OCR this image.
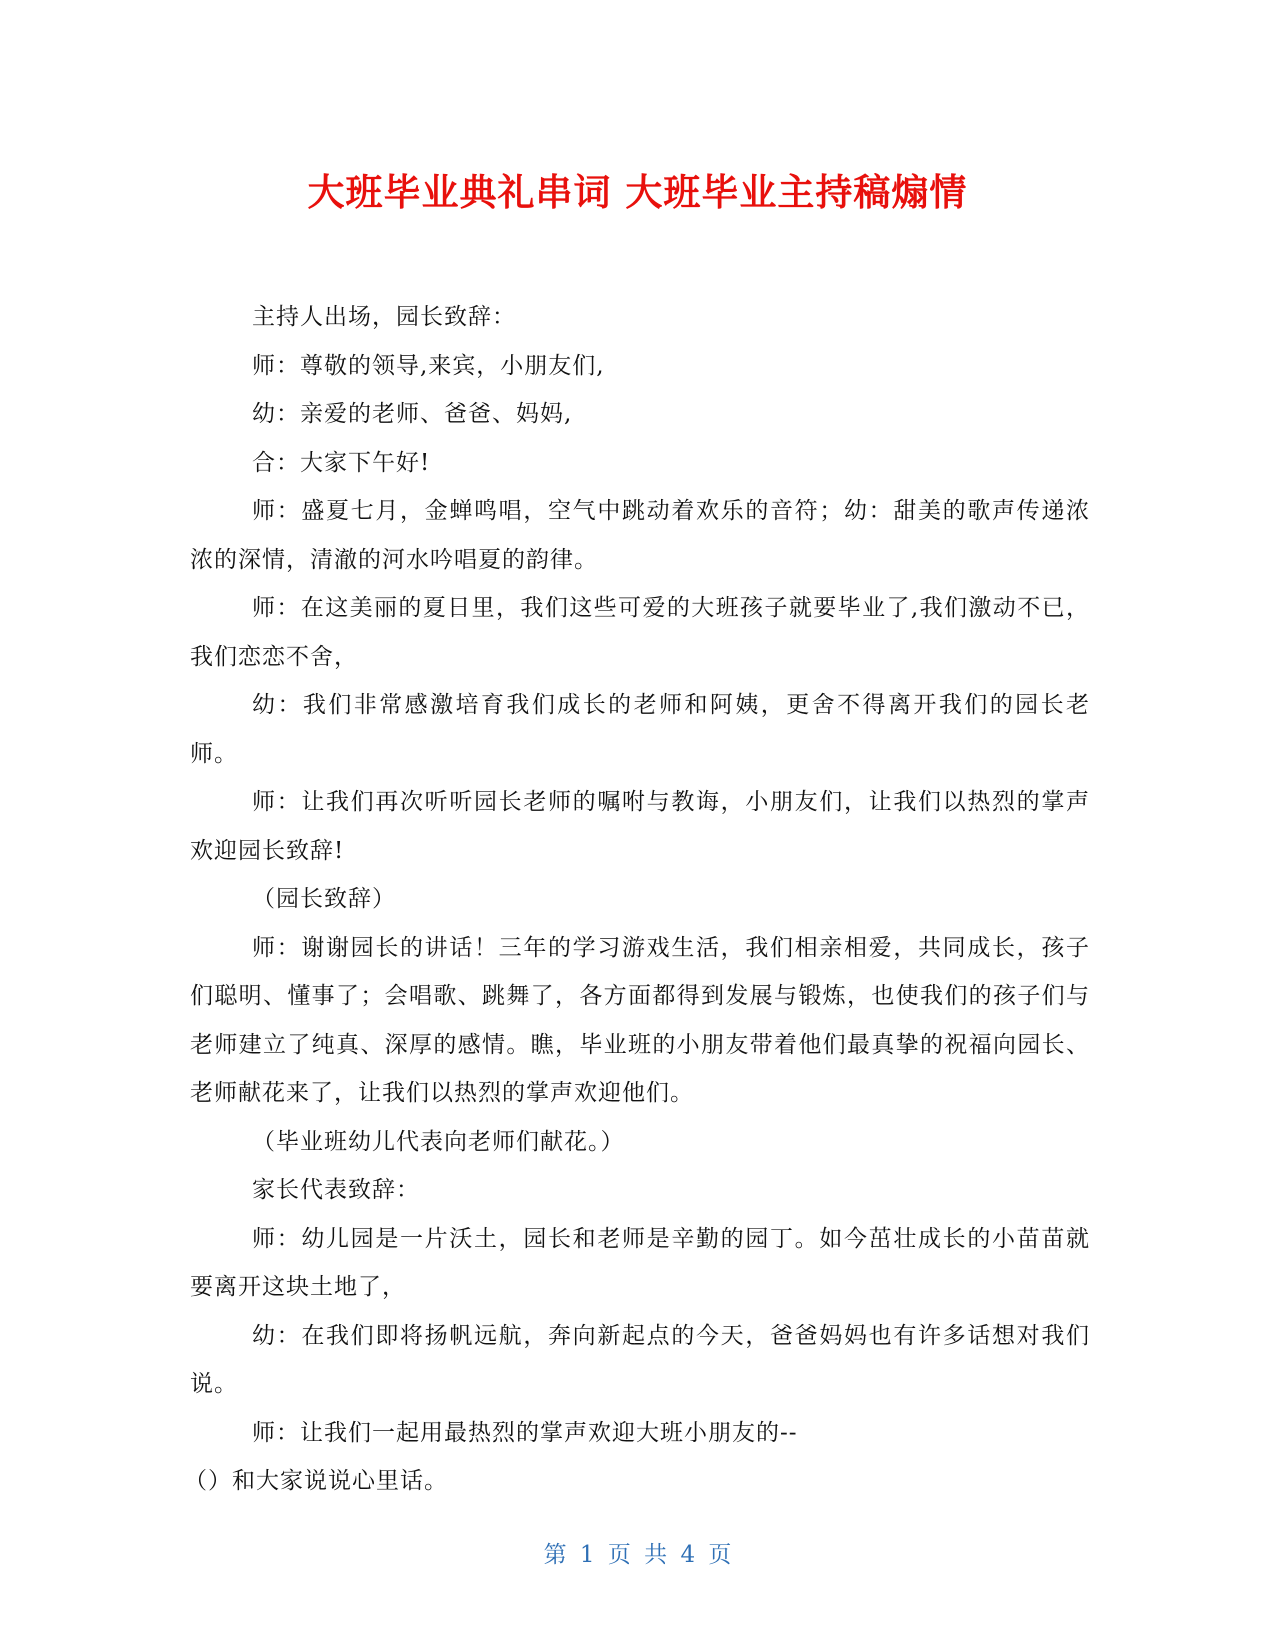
大班毕业典礼串词 大班毕业主持稿煽情

主持人出场，园长致辞：

师：尊敬的领导,来宾，小朋友们,

幼：亲爱的老师、爸爸、妈妈,

合：大家下午好!

师：盛夏七月，金蝉鸣唱，空气中跳动着欢乐的音符；幼：甜美的歌声传递浓浓的深情，清澈的河水吟唱夏的韵律。

师：在这美丽的夏日里，我们这些可爱的大班孩子就要毕业了,我们激动不已，我们恋恋不舍，

幼：我们非常感激培育我们成长的老师和阿姨，更舍不得离开我们的园长老师。

师：让我们再次听听园长老师的嘱咐与教诲，小朋友们，让我们以热烈的掌声欢迎园长致辞!

（园长致辞）

师：谢谢园长的讲话！三年的学习游戏生活，我们相亲相爱，共同成长，孩子们聪明、懂事了；会唱歌、跳舞了，各方面都得到发展与锻炼，也使我们的孩子们与老师建立了纯真、深厚的感情。瞧，毕业班的小朋友带着他们最真挚的祝福向园长、老师献花来了，让我们以热烈的掌声欢迎他们。

（毕业班幼儿代表向老师们献花。）

家长代表致辞：

师：幼儿园是一片沃土，园长和老师是辛勤的园丁。如今茁壮成长的小苗苗就要离开这块土地了，

幼：在我们即将扬帆远航，奔向新起点的今天，爸爸妈妈也有许多话想对我们说。

师：让我们一起用最热烈的掌声欢迎大班小朋友的--

（）和大家说说心里话。

第 1 页 共 4 页
